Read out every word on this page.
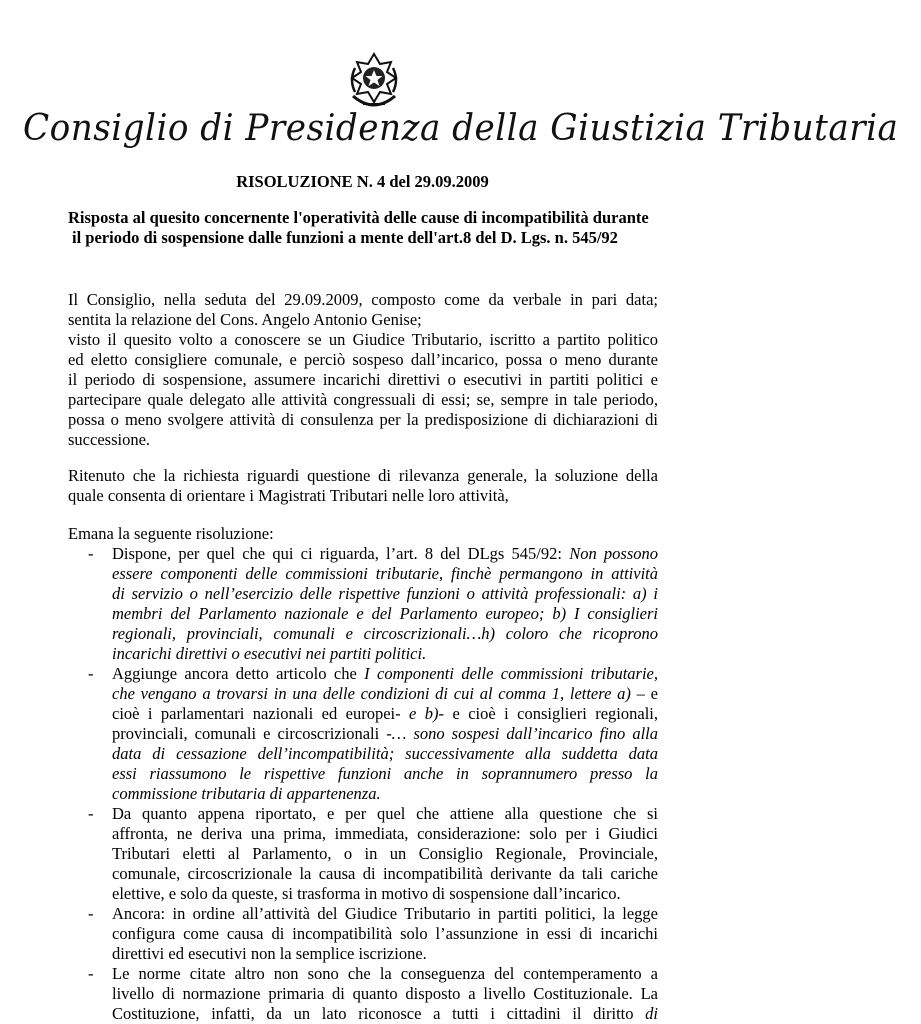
Consiglio di Presidenza della Giustizia Tributaria
RISOLUZIONE N. 4 del 29.09.2009
Risposta al quesito concernente l'operatività delle cause di incompatibilità durante
il periodo di sospensione dalle funzioni a mente dell'art.8 del D. Lgs. n. 545/92
Il Consiglio, nella seduta del 29.09.2009, composto come da verbale in pari data;
sentita la relazione del Cons. Angelo Antonio Genise;
visto il quesito volto a conoscere se un Giudice Tributario, iscritto a partito politico
ed eletto consigliere comunale, e perciò sospeso dall’incarico, possa o meno durante
il periodo di sospensione, assumere incarichi direttivi o esecutivi in partiti politici e
partecipare quale delegato alle attività congressuali di essi; se, sempre in tale periodo,
possa o meno svolgere attività di consulenza per la predisposizione di dichiarazioni di
successione.
Ritenuto che la richiesta riguardi questione di rilevanza generale, la soluzione della
quale consenta di orientare i Magistrati Tributari nelle loro attività,
Emana la seguente risoluzione:
- Dispone, per quel che qui ci riguarda, l’art. 8 del DLgs 545/92: Non possono
essere componenti delle commissioni tributarie, finchè permangono in attività
di servizio o nell’esercizio delle rispettive funzioni o attività professionali: a) i
membri del Parlamento nazionale e del Parlamento europeo; b) I consiglieri
regionali, provinciali, comunali e circoscrizionali…h) coloro che ricoprono
incarichi direttivi o esecutivi nei partiti politici.
- Aggiunge ancora detto articolo che I componenti delle commissioni tributarie,
che vengano a trovarsi in una delle condizioni di cui al comma 1, lettere a) – e
cioè i parlamentari nazionali ed europei- e b)- e cioè i consiglieri regionali,
provinciali, comunali e circoscrizionali -… sono sospesi dall’incarico fino alla
data di cessazione dell’incompatibilità; successivamente alla suddetta data
essi riassumono le rispettive funzioni anche in soprannumero presso la
commissione tributaria di appartenenza.
- Da quanto appena riportato, e per quel che attiene alla questione che si
affronta, ne deriva una prima, immediata, considerazione: solo per i Giudici
Tributari eletti al Parlamento, o in un Consiglio Regionale, Provinciale,
comunale, circoscrizionale la causa di incompatibilità derivante da tali cariche
elettive, e solo da queste, si trasforma in motivo di sospensione dall’incarico.
- Ancora: in ordine all’attività del Giudice Tributario in partiti politici, la legge
configura come causa di incompatibilità solo l’assunzione in essi di incarichi
direttivi ed esecutivi non la semplice iscrizione.
- Le norme citate altro non sono che la conseguenza del contemperamento a
livello di normazione primaria di quanto disposto a livello Costituzionale. La
Costituzione, infatti, da un lato riconosce a tutti i cittadini il diritto di
